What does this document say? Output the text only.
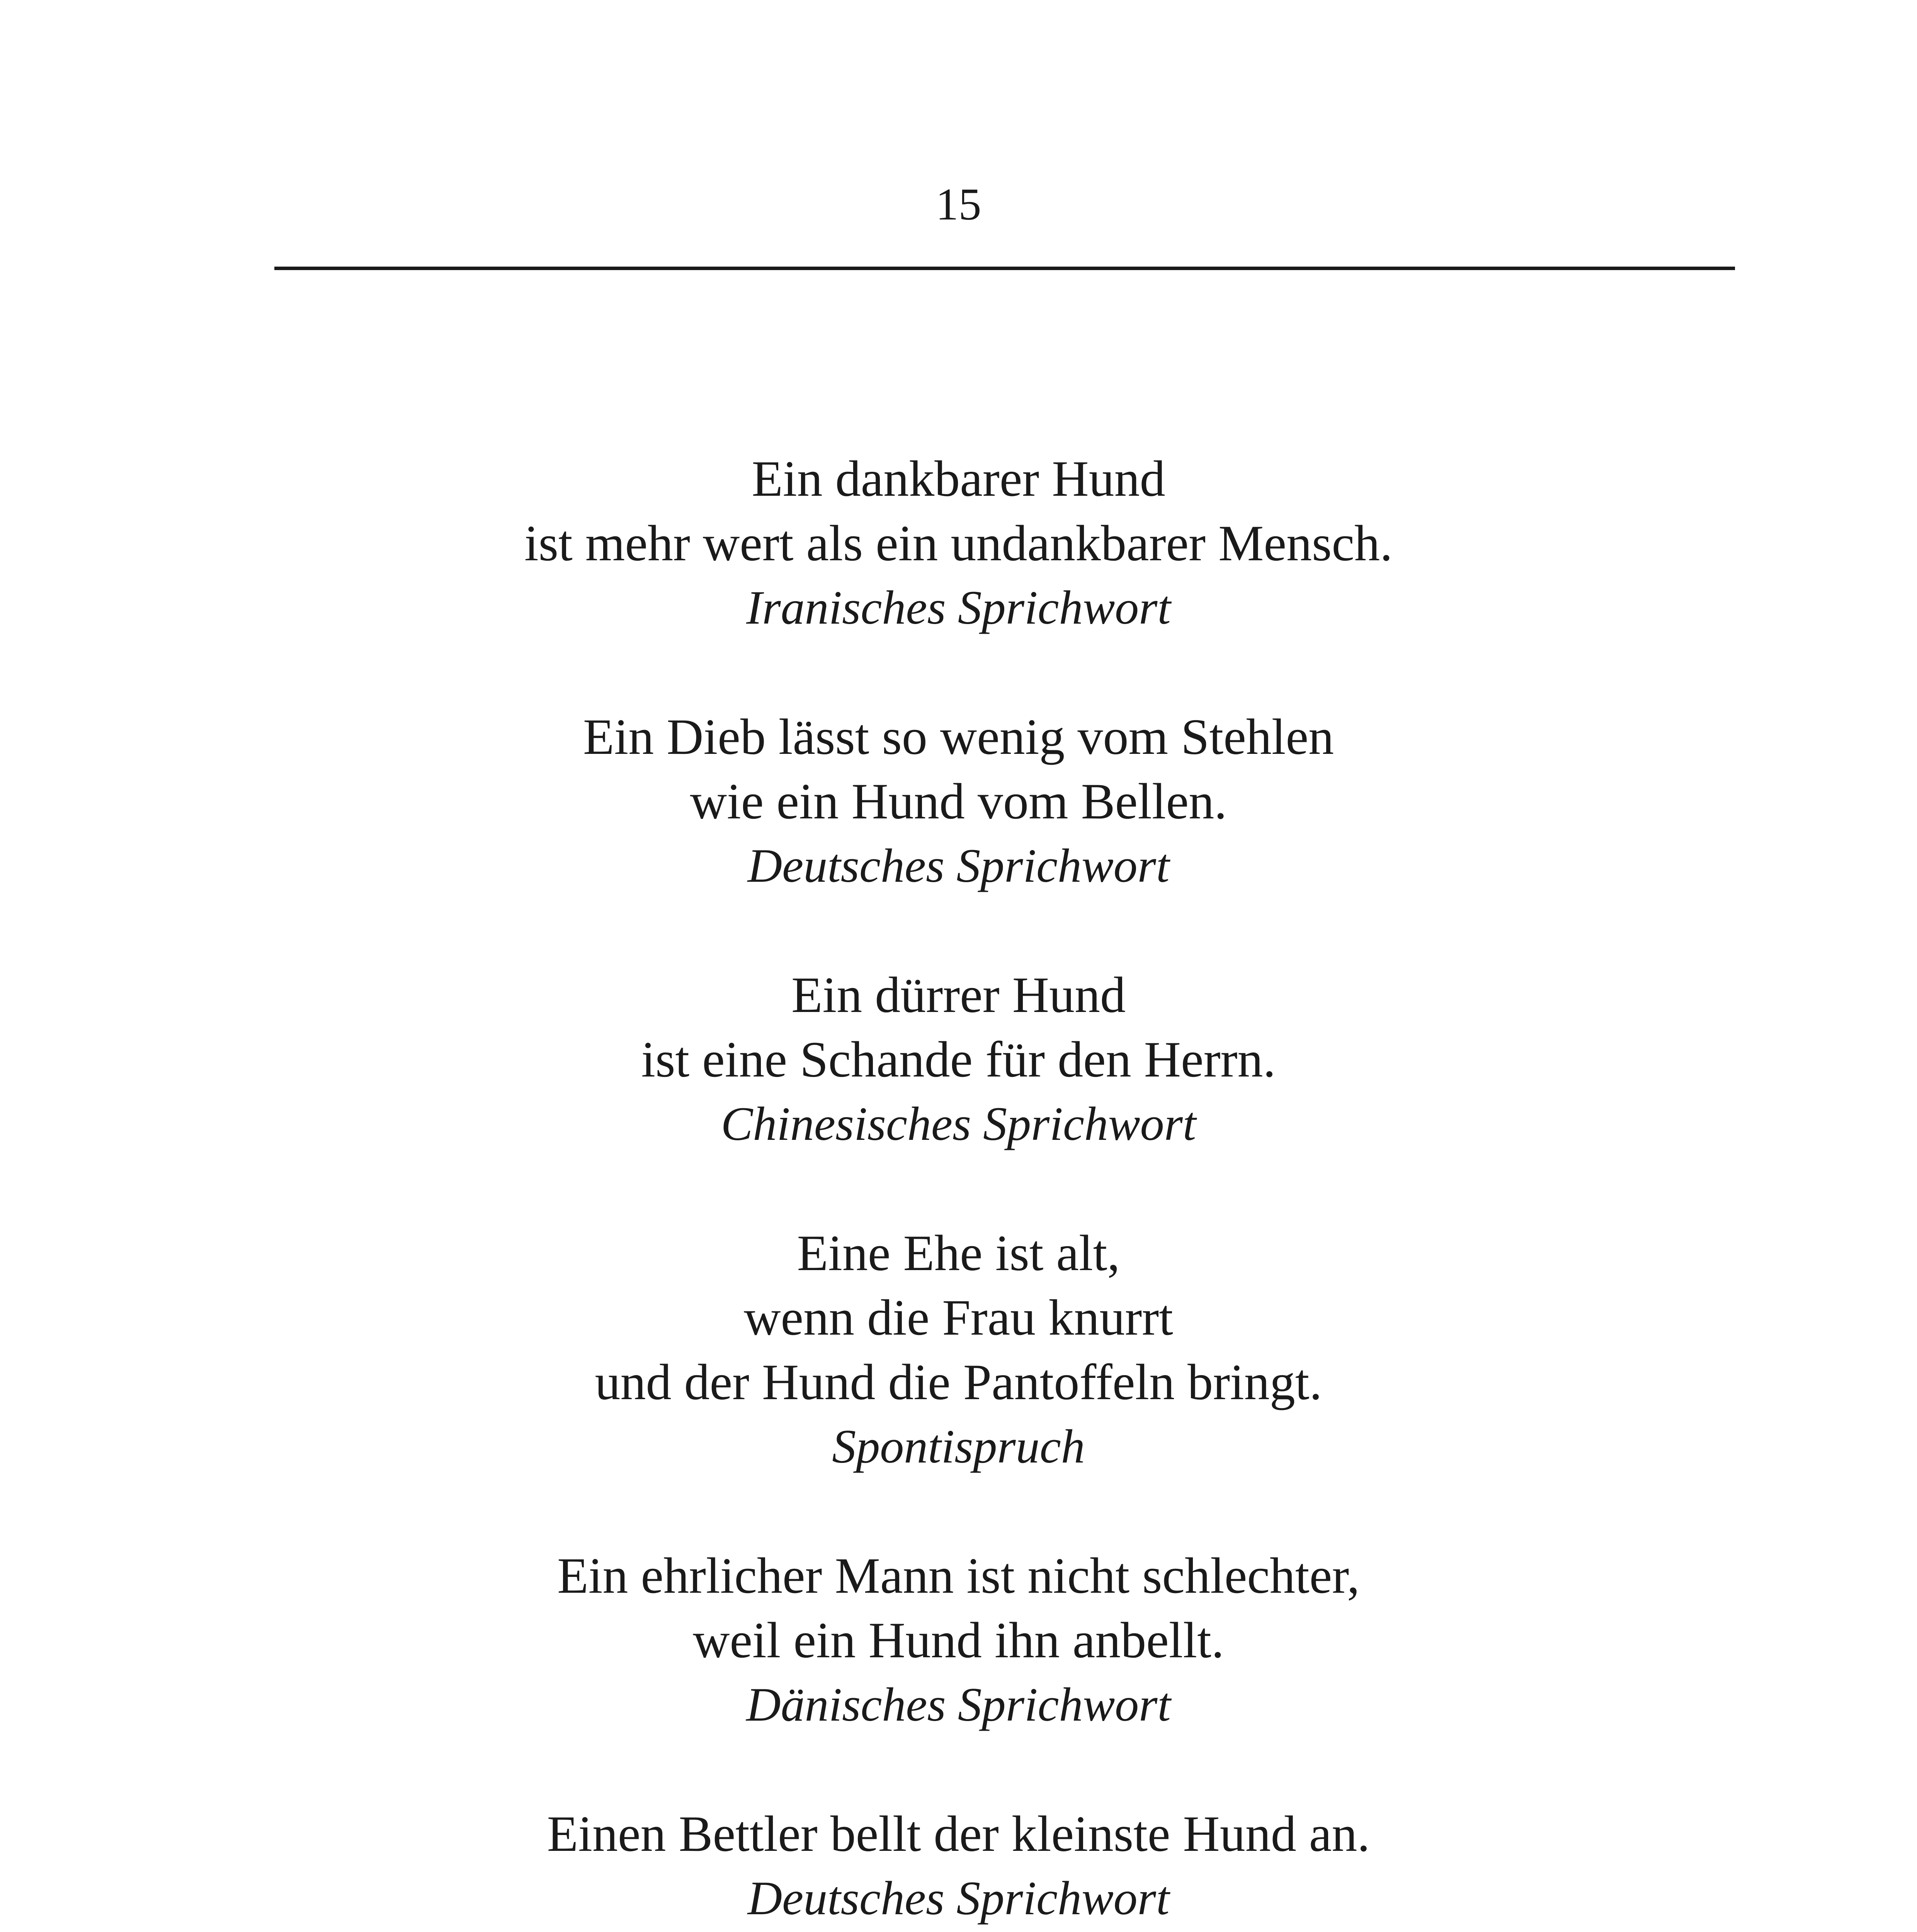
15
Ein dankbarer Hund
ist mehr wert als ein undankbarer Mensch.
Iranisches Sprichwort
Ein Dieb lässt so wenig vom Stehlen
wie ein Hund vom Bellen.
Deutsches Sprichwort
Ein dürrer Hund
ist eine Schande für den Herrn.
Chinesisches Sprichwort
Eine Ehe ist alt,
wenn die Frau knurrt
und der Hund die Pantoffeln bringt.
Spontispruch
Ein ehrlicher Mann ist nicht schlechter,
weil ein Hund ihn anbellt.
Dänisches Sprichwort
Einen Bettler bellt der kleinste Hund an.
Deutsches Sprichwort
